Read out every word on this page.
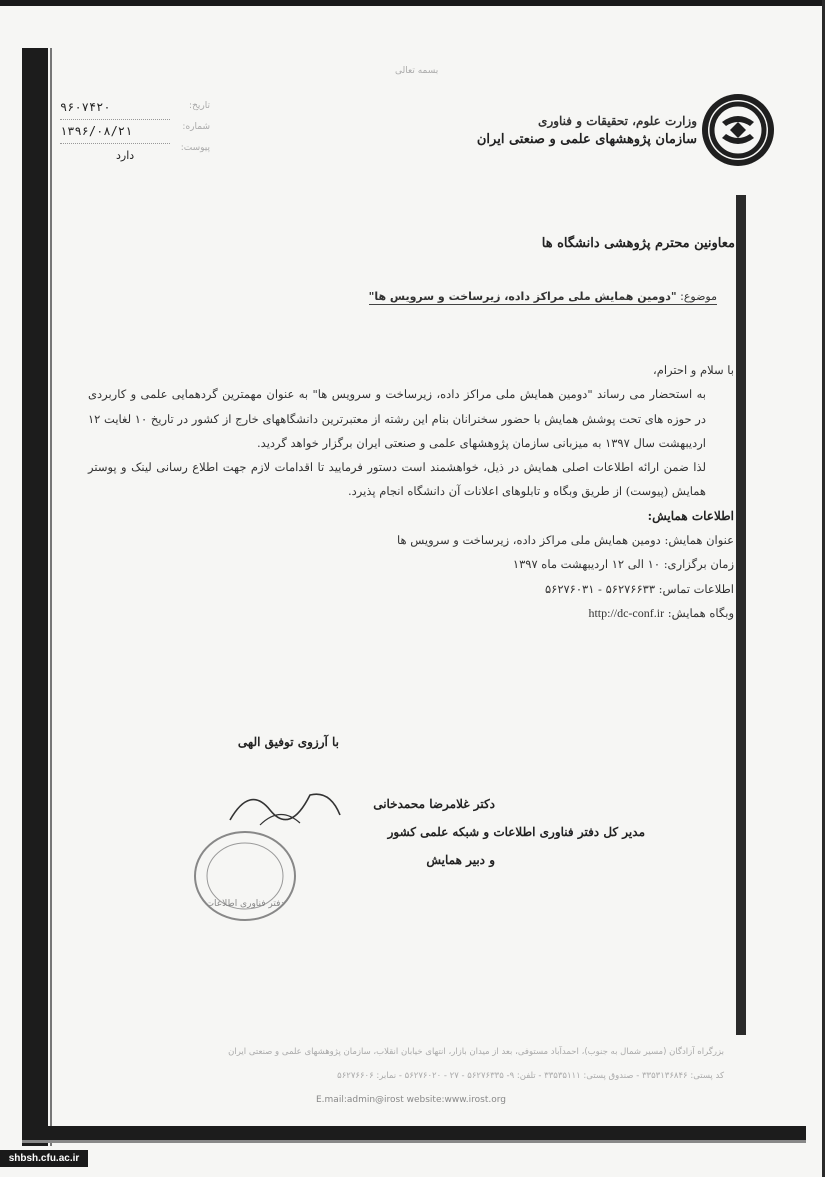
بسمه تعالی
وزارت علوم، تحقیقات و فناوری
سازمان پژوهشهای علمی و صنعتی ایران
تاریخ:
شماره:
پیوست:
۹۶۰۷۴۲۰
۱۳۹۶/۰۸/۲۱
دارد
معاونین محترم پژوهشی دانشگاه ها
موضوع: "دومین همایش ملی مراکز داده، زیرساخت و سرویس ها"

با سلام و احترام،

به استحضار می رساند "دومین همایش ملی مراکز داده، زیرساخت و سرویس ها" به عنوان مهمترین گردهمایی علمی و کاربردی در حوزه های تحت پوشش همایش با حضور سخنرانان بنام این رشته از معتبرترین دانشگاههای خارج از کشور در تاریخ ۱۰ لغایت ۱۲ اردیبهشت سال ۱۳۹۷ به میزبانی سازمان پژوهشهای علمی و صنعتی ایران برگزار خواهد گردید.

لذا ضمن ارائه اطلاعات اصلی همایش در ذیل، خواهشمند است دستور فرمایید تا اقدامات لازم جهت اطلاع رسانی لینک و پوستر همایش (پیوست) از طریق وبگاه و تابلوهای اعلانات آن دانشگاه انجام پذیرد.

اطلاعات همایش:

عنوان همایش: دومین همایش ملی مراکز داده، زیرساخت و سرویس ها

زمان برگزاری: ۱۰ الی ۱۲ اردیبهشت ماه ۱۳۹۷

اطلاعات تماس: ۵۶۲۷۶۶۳۳ - ۵۶۲۷۶۰۳۱

وبگاه همایش: http://dc-conf.ir

با آرزوی توفیق الهی
دکتر غلامرضا محمدخانی
مدیر کل دفتر فناوری اطلاعات و شبکه علمی کشور
و دبیر همایش
دفتر فناوری اطلاعات
بزرگراه آزادگان (مسیر شمال به جنوب)، احمدآباد مستوفی، بعد از میدان بازار، انتهای خیابان انقلاب، سازمان پژوهشهای علمی و صنعتی ایران
کد پستی: ۳۳۵۳۱۳۶۸۴۶ - صندوق پستی: ۳۳۵۳۵۱۱۱ - تلفن: ۹- ۵۶۲۷۶۳۳۵ - ۲۷ - ۵۶۲۷۶۰۲۰ - نمابر: ۵۶۲۷۶۶۰۶
E.mail:admin@irost website:www.irost.org
shbsh.cfu.ac.ir
